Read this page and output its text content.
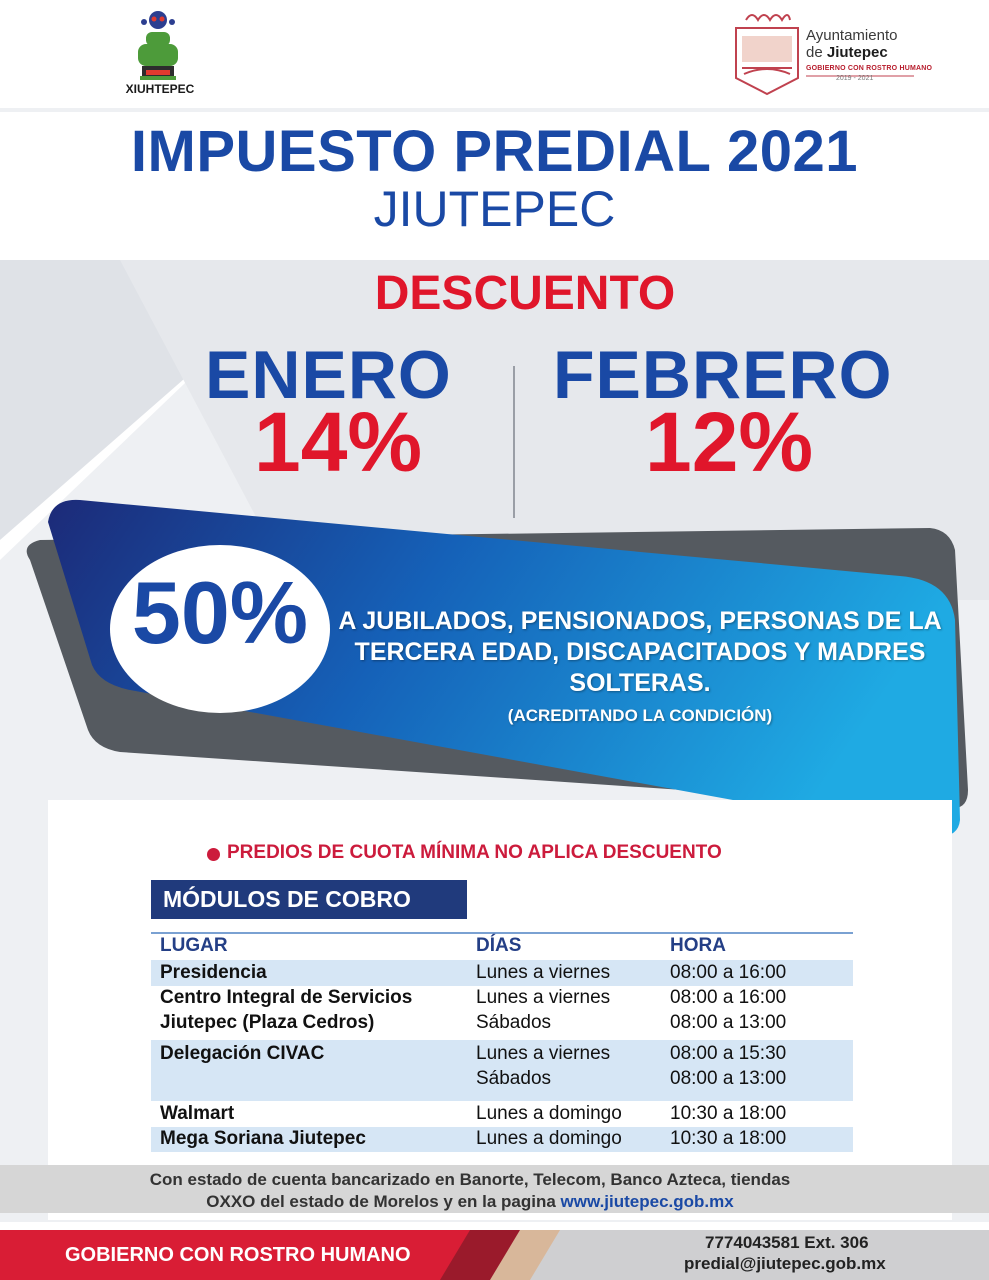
XIUHTEPEC
Ayuntamiento
de Jiutepec
GOBIERNO CON ROSTRO HUMANO
2019 - 2021
IMPUESTO PREDIAL 2021
JIUTEPEC
DESCUENTO
ENERO
14%
FEBRERO
12%
50%	A JUBILADOS, PENSIONADOS, PERSONAS DE LA TERCERA EDAD, DISCAPACITADOS Y MADRES SOLTERAS.
(ACREDITANDO LA CONDICIÓN)
PREDIOS DE CUOTA MÍNIMA NO APLICA DESCUENTO
MÓDULOS DE COBRO
LUGAR	DÍAS	HORA
Presidencia	Lunes a viernes	08:00 a 16:00
Centro Integral de Servicios	Lunes a viernes	08:00 a 16:00
Jiutepec (Plaza Cedros)	Sábados	08:00 a 13:00
Delegación CIVAC	Lunes a viernes	08:00 a 15:30
Sábados	08:00 a 13:00
Walmart	Lunes a domingo	10:30 a 18:00
Mega Soriana Jiutepec	Lunes a domingo	10:30 a 18:00
Con estado de cuenta bancarizado en Banorte, Telecom, Banco Azteca, tiendas
OXXO del estado de Morelos y en la pagina www.jiutepec.gob.mx
GOBIERNO CON ROSTRO HUMANO
7774043581 Ext. 306
predial@jiutepec.gob.mx
